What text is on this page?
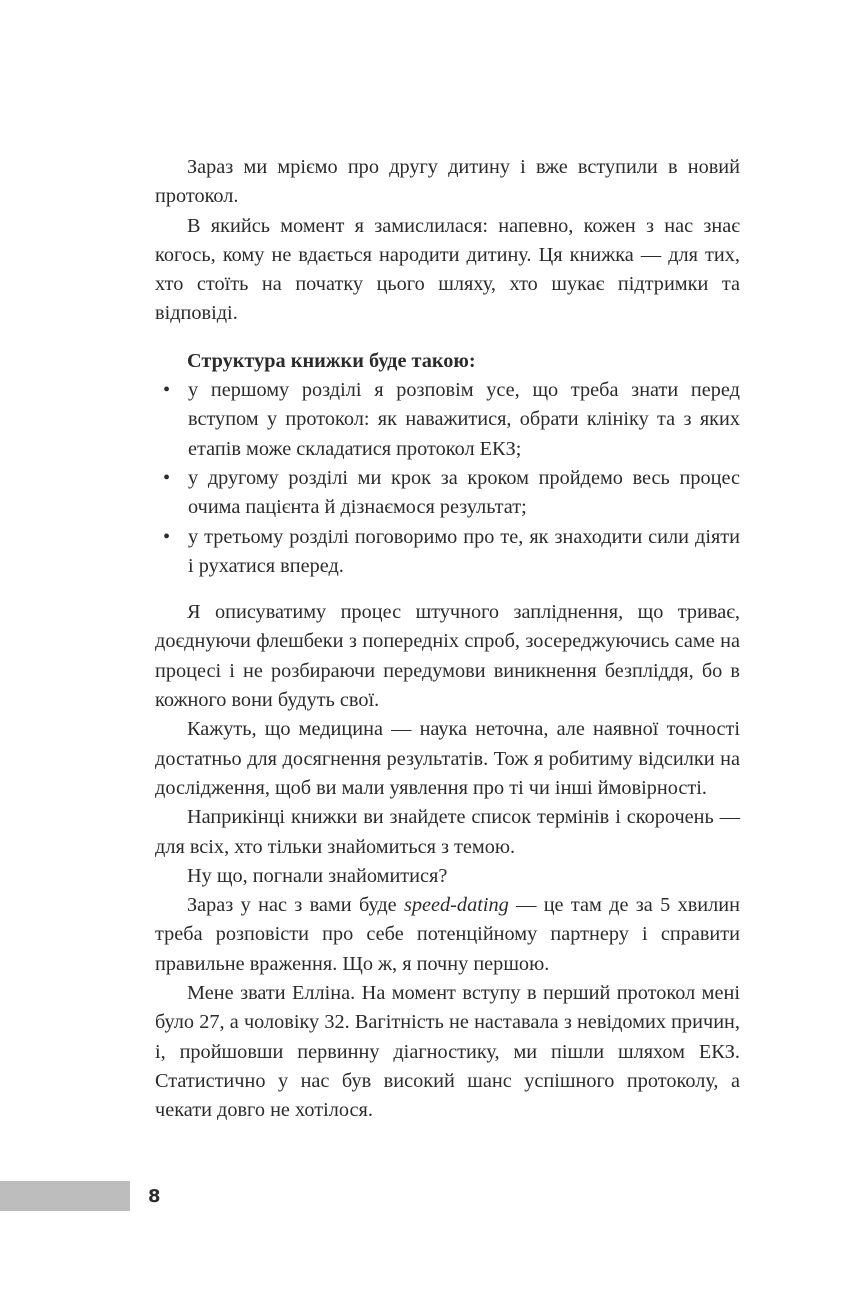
Зараз ми мріємо про другу дитину і вже вступили в новий протокол.

В якийсь момент я замислилася: напевно, кожен з нас знає когось, кому не вдається народити дитину. Ця книжка — для тих, хто стоїть на початку цього шляху, хто шукає підтримки та відповіді.

Структура книжки буде такою:

• у першому розділі я розповім усе, що треба знати перед вступом у протокол: як наважитися, обрати клініку та з яких етапів може складатися протокол ЕКЗ;
• у другому розділі ми крок за кроком пройдемо весь процес очима пацієнта й дізнаємося результат;
• у третьому розділі поговоримо про те, як знаходити сили діяти і рухатися вперед.

Я описуватиму процес штучного запліднення, що триває, доєднуючи флешбеки з попередніх спроб, зосереджуючись саме на процесі і не розбираючи передумови виникнення безпліддя, бо в кожного вони будуть свої.

Кажуть, що медицина — наука неточна, але наявної точності достатньо для досягнення результатів. Тож я робитиму відсилки на дослідження, щоб ви мали уявлення про ті чи інші ймовірності.

Наприкінці книжки ви знайдете список термінів і скорочень — для всіх, хто тільки знайомиться з темою.

Ну що, погнали знайомитися?

Зараз у нас з вами буде speed-dating — це там де за 5 хвилин треба розповісти про себе потенційному партнеру і справити правильне враження. Що ж, я почну першою.

Мене звати Елліна. На момент вступу в перший протокол мені було 27, а чоловіку 32. Вагітність не наставала з невідомих причин, і, пройшовши первинну діагностику, ми пішли шляхом ЕКЗ. Статистично у нас був високий шанс успішного протоколу, а чекати довго не хотілося.

8
